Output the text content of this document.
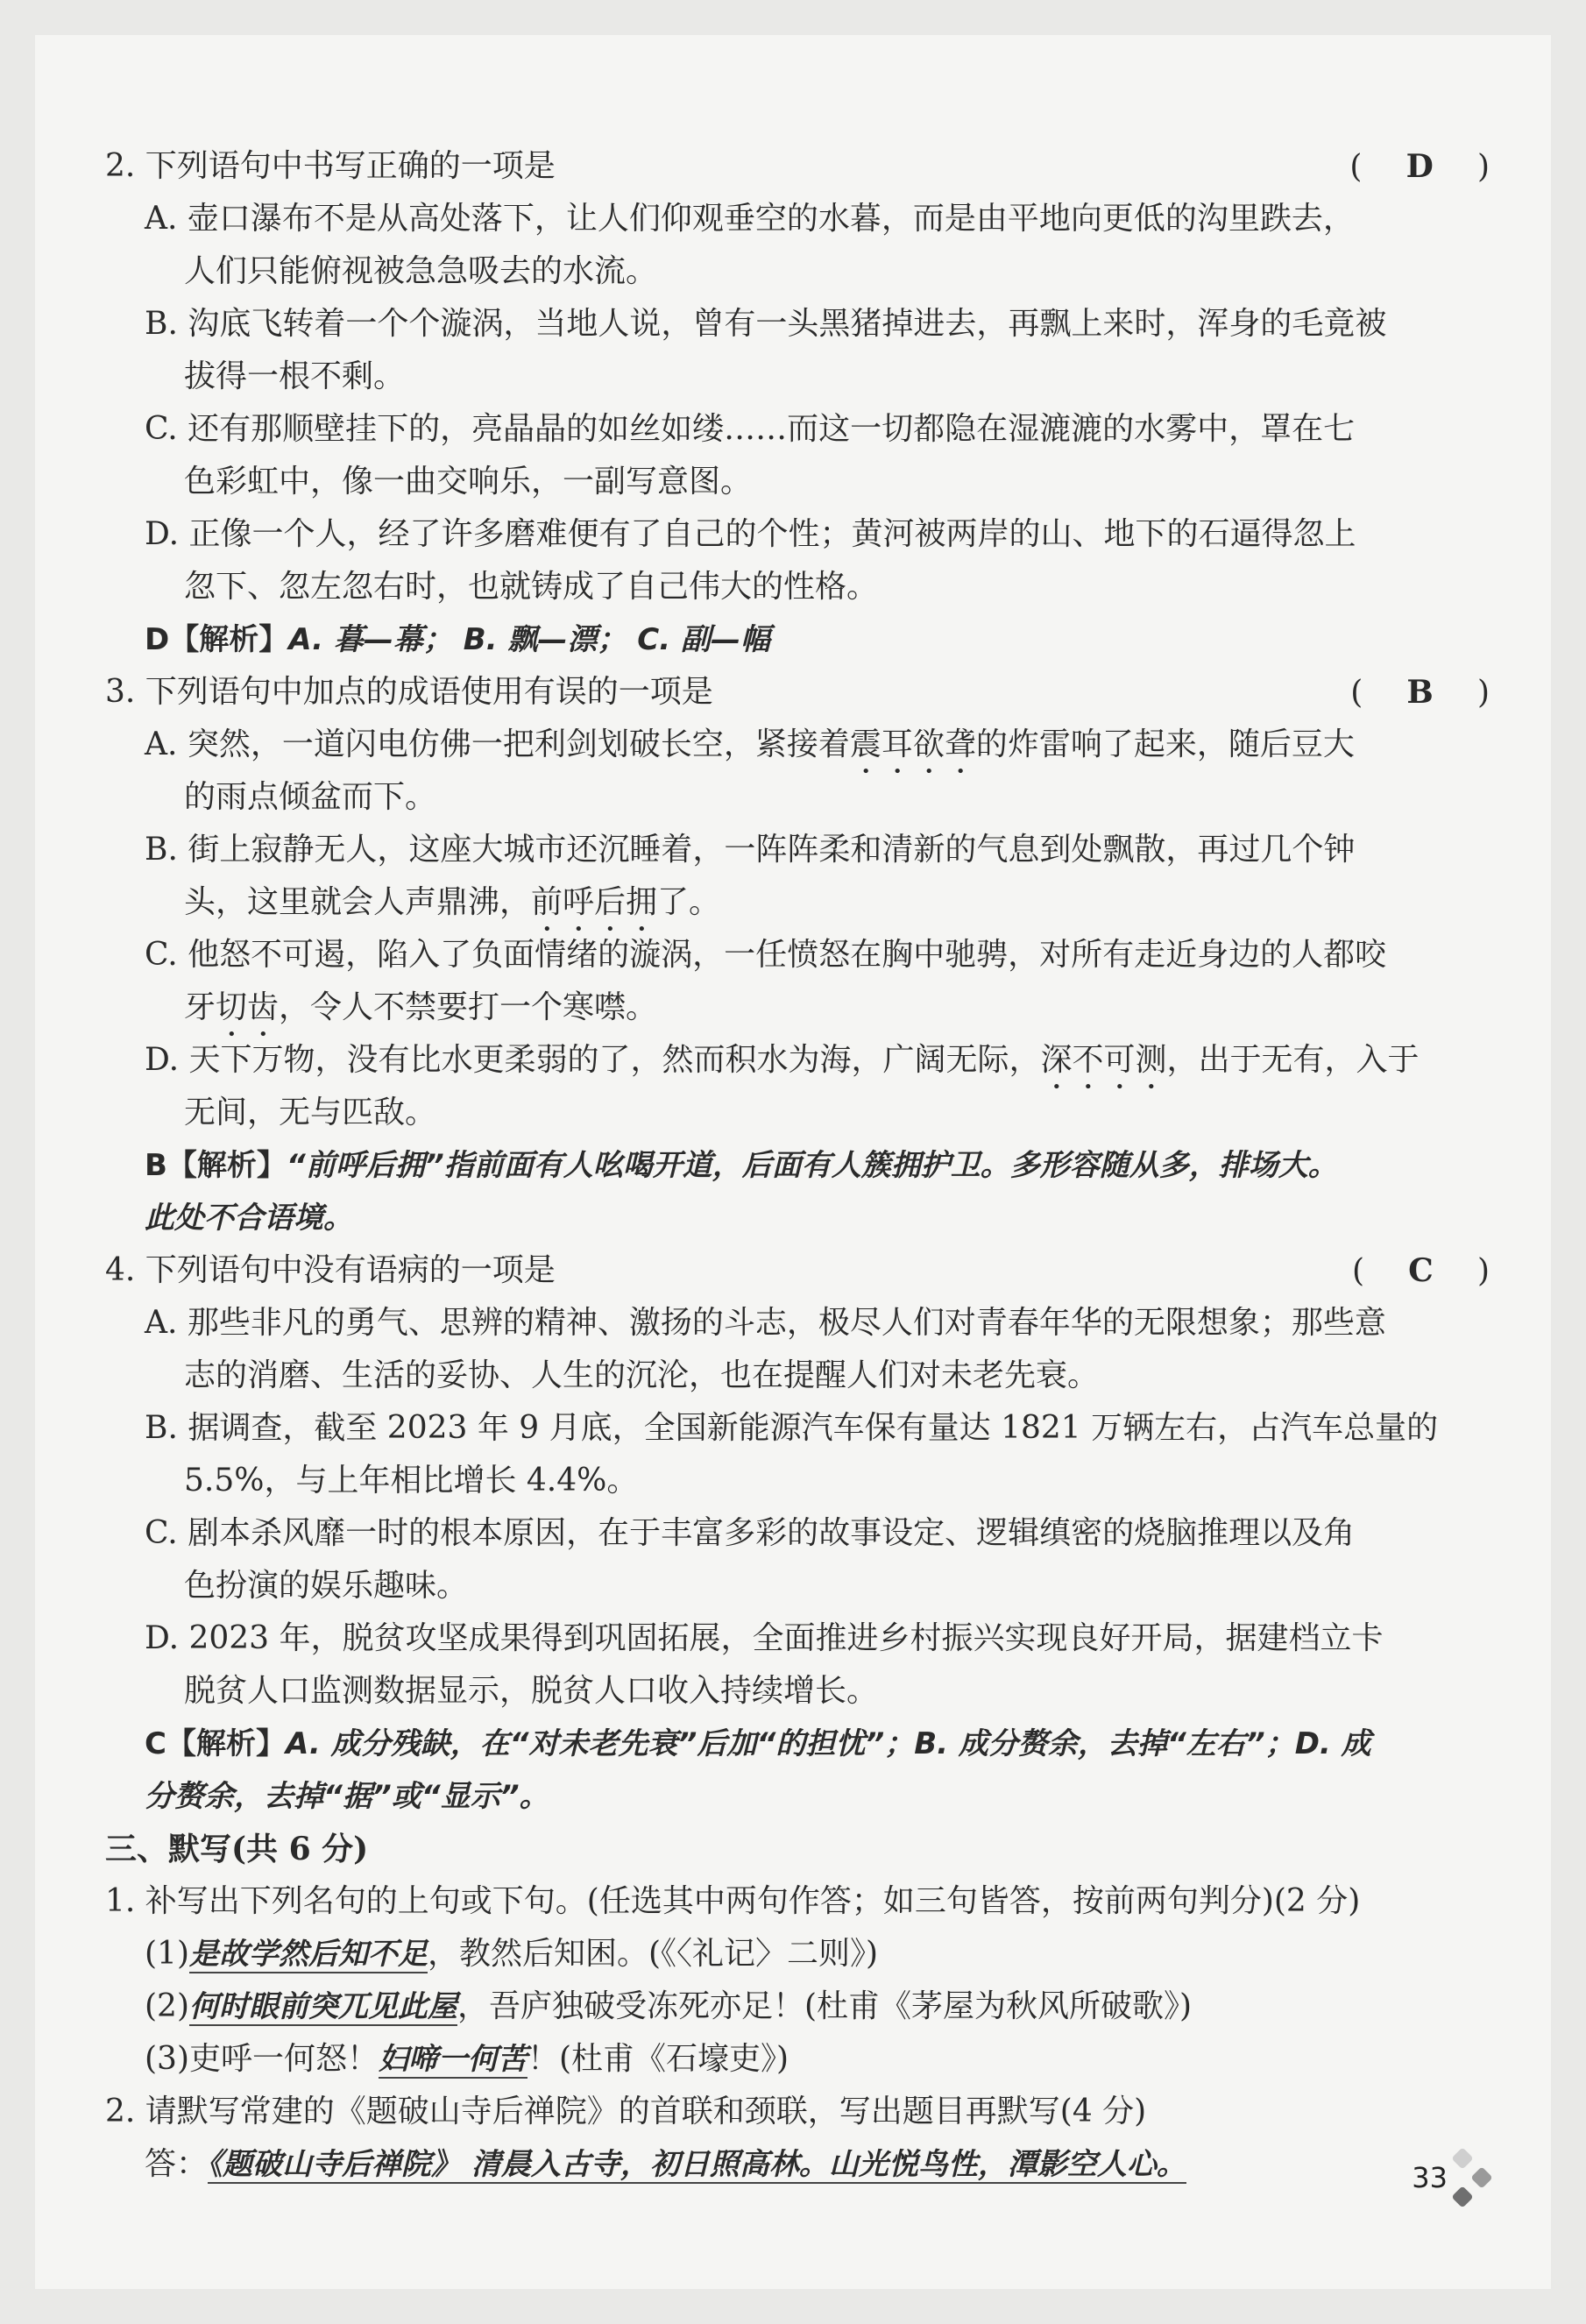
2. 下列语句中书写正确的一项是	( D )
A. 壶口瀑布不是从高处落下，让人们仰观垂空的水暮，而是由平地向更低的沟里跌去，
人们只能俯视被急急吸去的水流。
B. 沟底飞转着一个个漩涡，当地人说，曾有一头黑猪掉进去，再飘上来时，浑身的毛竟被
拔得一根不剩。
C. 还有那顺壁挂下的，亮晶晶的如丝如缕……而这一切都隐在湿漉漉的水雾中，罩在七
色彩虹中，像一曲交响乐，一副写意图。
D. 正像一个人，经了许多磨难便有了自己的个性；黄河被两岸的山、地下的石逼得忽上
忽下、忽左忽右时，也就铸成了自己伟大的性格。
D【解析】A. 暮—幕； B. 飘—漂； C. 副—幅
3. 下列语句中加点的成语使用有误的一项是	( B )
A. 突然，一道闪电仿佛一把利剑划破长空，紧接着震耳欲聋的炸雷响了起来，随后豆大
的雨点倾盆而下。
B. 街上寂静无人，这座大城市还沉睡着，一阵阵柔和清新的气息到处飘散，再过几个钟
头，这里就会人声鼎沸，前呼后拥了。
C. 他怒不可遏，陷入了负面情绪的漩涡，一任愤怒在胸中驰骋，对所有走近身边的人都咬
牙切齿，令人不禁要打一个寒噤。
D. 天下万物，没有比水更柔弱的了，然而积水为海，广阔无际，深不可测，出于无有，入于
无间，无与匹敌。
B【解析】“前呼后拥”指前面有人吆喝开道，后面有人簇拥护卫。多形容随从多，排场大。
此处不合语境。
4. 下列语句中没有语病的一项是	( C )
A. 那些非凡的勇气、思辨的精神、激扬的斗志，极尽人们对青春年华的无限想象；那些意
志的消磨、生活的妥协、人生的沉沦，也在提醒人们对未老先衰。
B. 据调查，截至 2023 年 9 月底，全国新能源汽车保有量达 1821 万辆左右，占汽车总量的
5.5%，与上年相比增长 4.4%。
C. 剧本杀风靡一时的根本原因，在于丰富多彩的故事设定、逻辑缜密的烧脑推理以及角
色扮演的娱乐趣味。
D. 2023 年，脱贫攻坚成果得到巩固拓展，全面推进乡村振兴实现良好开局，据建档立卡
脱贫人口监测数据显示，脱贫人口收入持续增长。
C【解析】A. 成分残缺，在“对未老先衰”后加“的担忧”；B. 成分赘余，去掉“左右”；D. 成
分赘余，去掉“据”或“显示”。
三、默写(共 6 分)
1. 补写出下列名句的上句或下句。(任选其中两句作答；如三句皆答，按前两句判分)(2 分)
(1)是故学然后知不足，教然后知困。(《〈礼记〉二则》)
(2)何时眼前突兀见此屋，吾庐独破受冻死亦足！(杜甫《茅屋为秋风所破歌》)
(3)吏呼一何怒！妇啼一何苦！(杜甫《石壕吏》)
2. 请默写常建的《题破山寺后禅院》的首联和颈联，写出题目再默写(4 分)
答：《题破山寺后禅院》 清晨入古寺，初日照高林。山光悦鸟性，潭影空人心。	33
